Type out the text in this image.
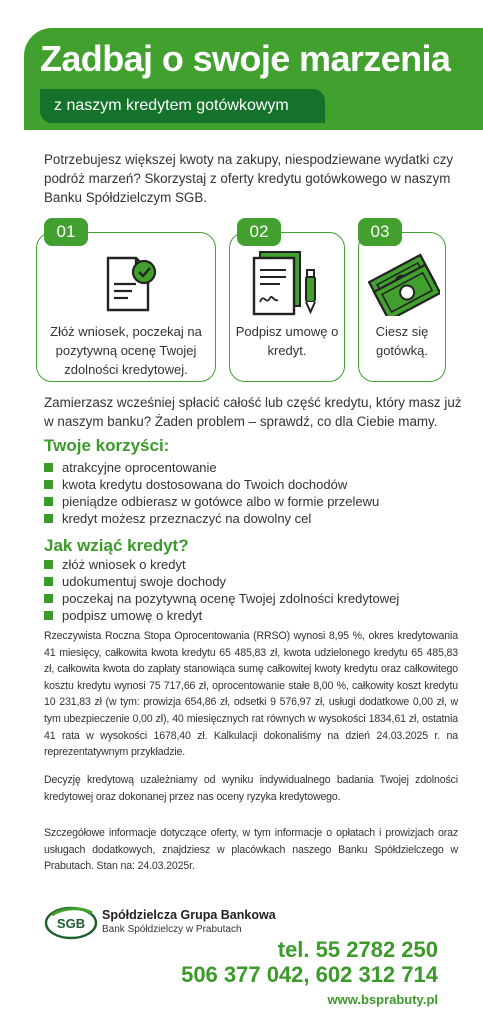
Zadbaj o swoje marzenia
z naszym kredytem gotówkowym

Potrzebujesz większej kwoty na zakupy, niespodziewane wydatki czy podróż marzeń? Skorzystaj z oferty kredytu gotówkowego w naszym Banku Spółdzielczym SGB.

01
Złóż wniosek, poczekaj na pozytywną ocenę Twojej zdolności kredytowej.
02
Podpisz umowę o kredyt.
03
Ciesz się gotówką.

Zamierzasz wcześniej spłacić całość lub część kredytu, który masz już w naszym banku? Żaden problem – sprawdź, co dla Ciebie mamy.

Twoje korzyści:
atrakcyjne oprocentowanie
kwota kredytu dostosowana do Twoich dochodów
pieniądze odbierasz w gotówce albo w formie przelewu
kredyt możesz przeznaczyć na dowolny cel
Jak wziąć kredyt?
złóż wniosek o kredyt
udokumentuj swoje dochody
poczekaj na pozytywną ocenę Twojej zdolności kredytowej
podpisz umowę o kredyt

Rzeczywista Roczna Stopa Oprocentowania (RRSO) wynosi 8,95 %, okres kredytowania 41 miesięcy, całkowita kwota kredytu 65 485,83 zł, kwota udzielonego kredytu 65 485,83 zł, całkowita kwota do zapłaty stanowiąca sumę całkowitej kwoty kredytu oraz całkowitego kosztu kredytu wynosi 75 717,66 zł, oprocentowanie stałe 8,00 %, całkowity koszt kredytu 10 231,83 zł (w tym: prowizja 654,86 zł, odsetki 9 576,97 zł, usługi dodatkowe 0,00 zł, w tym ubezpieczenie 0,00 zł), 40 miesięcznych rat równych w wysokości 1834,61 zł, ostatnia 41 rata w wysokości 1678,40 zł. Kalkulacji dokonaliśmy na dzień 24.03.2025 r. na reprezentatywnym przykładzie.

Decyzję kredytową uzależniamy od wyniku indywidualnego badania Twojej zdolności kredytowej oraz dokonanej przez nas oceny ryzyka kredytowego.

Szczegółowe informacje dotyczące oferty, w tym informacje o opłatach i prowizjach oraz usługach dodatkowych, znajdziesz w placówkach naszego Banku Spółdzielczego w Prabutach. Stan na: 24.03.2025r.

SGB
Spółdzielcza Grupa Bankowa
Bank Spółdzielczy w Prabutach
tel. 55 2782 250
506 377 042, 602 312 714
www.bsprabuty.pl
